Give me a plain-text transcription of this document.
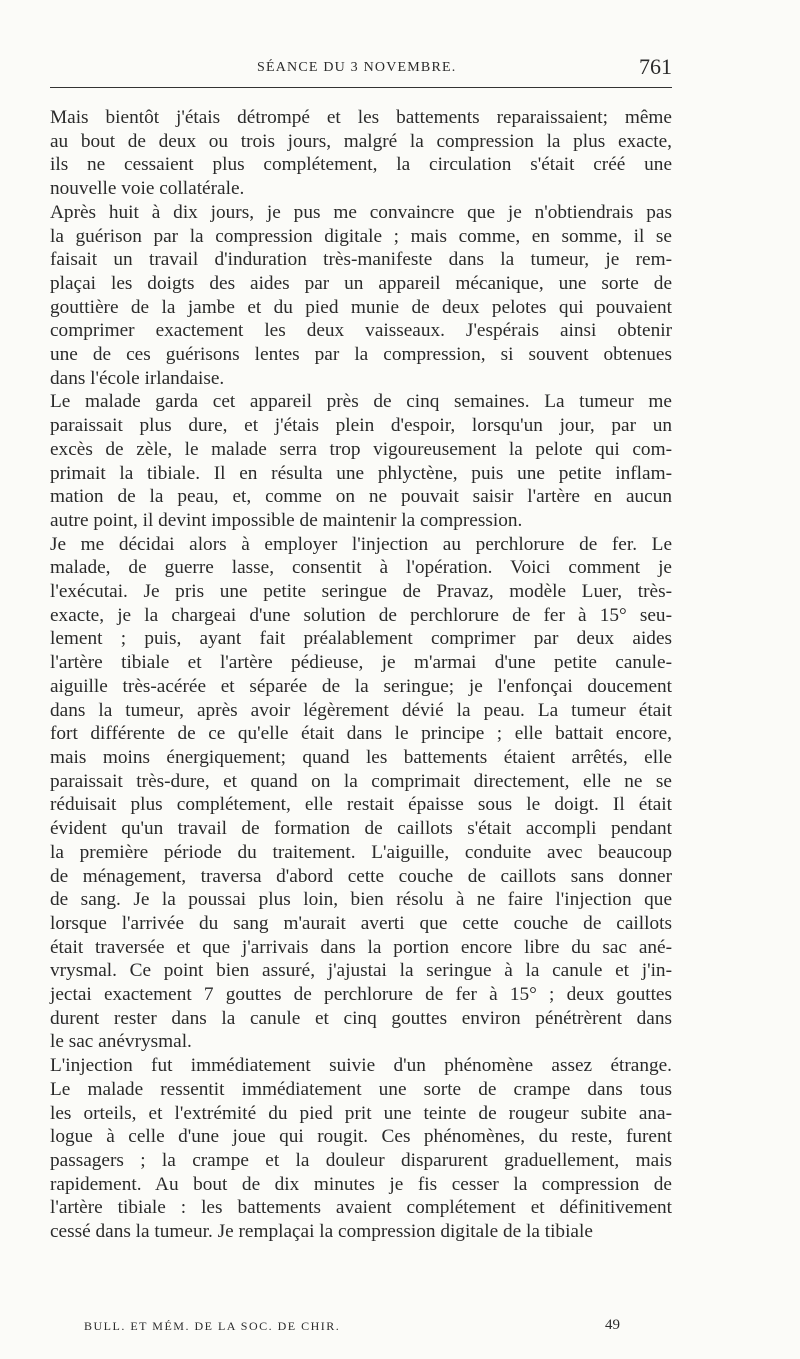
SÉANCE DU 3 NOVEMBRE.	761
Mais bientôt j'étais détrompé et les battements reparaissaient; même
au bout de deux ou trois jours, malgré la compression la plus exacte,
ils ne cessaient plus complétement, la circulation s'était créé une
nouvelle voie collatérale.
Après huit à dix jours, je pus me convaincre que je n'obtiendrais pas
la guérison par la compression digitale ; mais comme, en somme, il se
faisait un travail d'induration très-manifeste dans la tumeur, je rem-
plaçai les doigts des aides par un appareil mécanique, une sorte de
gouttière de la jambe et du pied munie de deux pelotes qui pouvaient
comprimer exactement les deux vaisseaux. J'espérais ainsi obtenir
une de ces guérisons lentes par la compression, si souvent obtenues
dans l'école irlandaise.
Le malade garda cet appareil près de cinq semaines. La tumeur me
paraissait plus dure, et j'étais plein d'espoir, lorsqu'un jour, par un
excès de zèle, le malade serra trop vigoureusement la pelote qui com-
primait la tibiale. Il en résulta une phlyctène, puis une petite inflam-
mation de la peau, et, comme on ne pouvait saisir l'artère en aucun
autre point, il devint impossible de maintenir la compression.
Je me décidai alors à employer l'injection au perchlorure de fer. Le
malade, de guerre lasse, consentit à l'opération. Voici comment je
l'exécutai. Je pris une petite seringue de Pravaz, modèle Luer, très-
exacte, je la chargeai d'une solution de perchlorure de fer à 15° seu-
lement ; puis, ayant fait préalablement comprimer par deux aides
l'artère tibiale et l'artère pédieuse, je m'armai d'une petite canule-
aiguille très-acérée et séparée de la seringue; je l'enfonçai doucement
dans la tumeur, après avoir légèrement dévié la peau. La tumeur était
fort différente de ce qu'elle était dans le principe ; elle battait encore,
mais moins énergiquement; quand les battements étaient arrêtés, elle
paraissait très-dure, et quand on la comprimait directement, elle ne se
réduisait plus complétement, elle restait épaisse sous le doigt. Il était
évident qu'un travail de formation de caillots s'était accompli pendant
la première période du traitement. L'aiguille, conduite avec beaucoup
de ménagement, traversa d'abord cette couche de caillots sans donner
de sang. Je la poussai plus loin, bien résolu à ne faire l'injection que
lorsque l'arrivée du sang m'aurait averti que cette couche de caillots
était traversée et que j'arrivais dans la portion encore libre du sac ané-
vrysmal. Ce point bien assuré, j'ajustai la seringue à la canule et j'in-
jectai exactement 7 gouttes de perchlorure de fer à 15° ; deux gouttes
durent rester dans la canule et cinq gouttes environ pénétrèrent dans
le sac anévrysmal.
L'injection fut immédiatement suivie d'un phénomène assez étrange.
Le malade ressentit immédiatement une sorte de crampe dans tous
les orteils, et l'extrémité du pied prit une teinte de rougeur subite ana-
logue à celle d'une joue qui rougit. Ces phénomènes, du reste, furent
passagers ; la crampe et la douleur disparurent graduellement, mais
rapidement. Au bout de dix minutes je fis cesser la compression de
l'artère tibiale : les battements avaient complétement et définitivement
cessé dans la tumeur. Je remplaçai la compression digitale de la tibiale
BULL. ET MÉM. DE LA SOC. DE CHIR.	49
